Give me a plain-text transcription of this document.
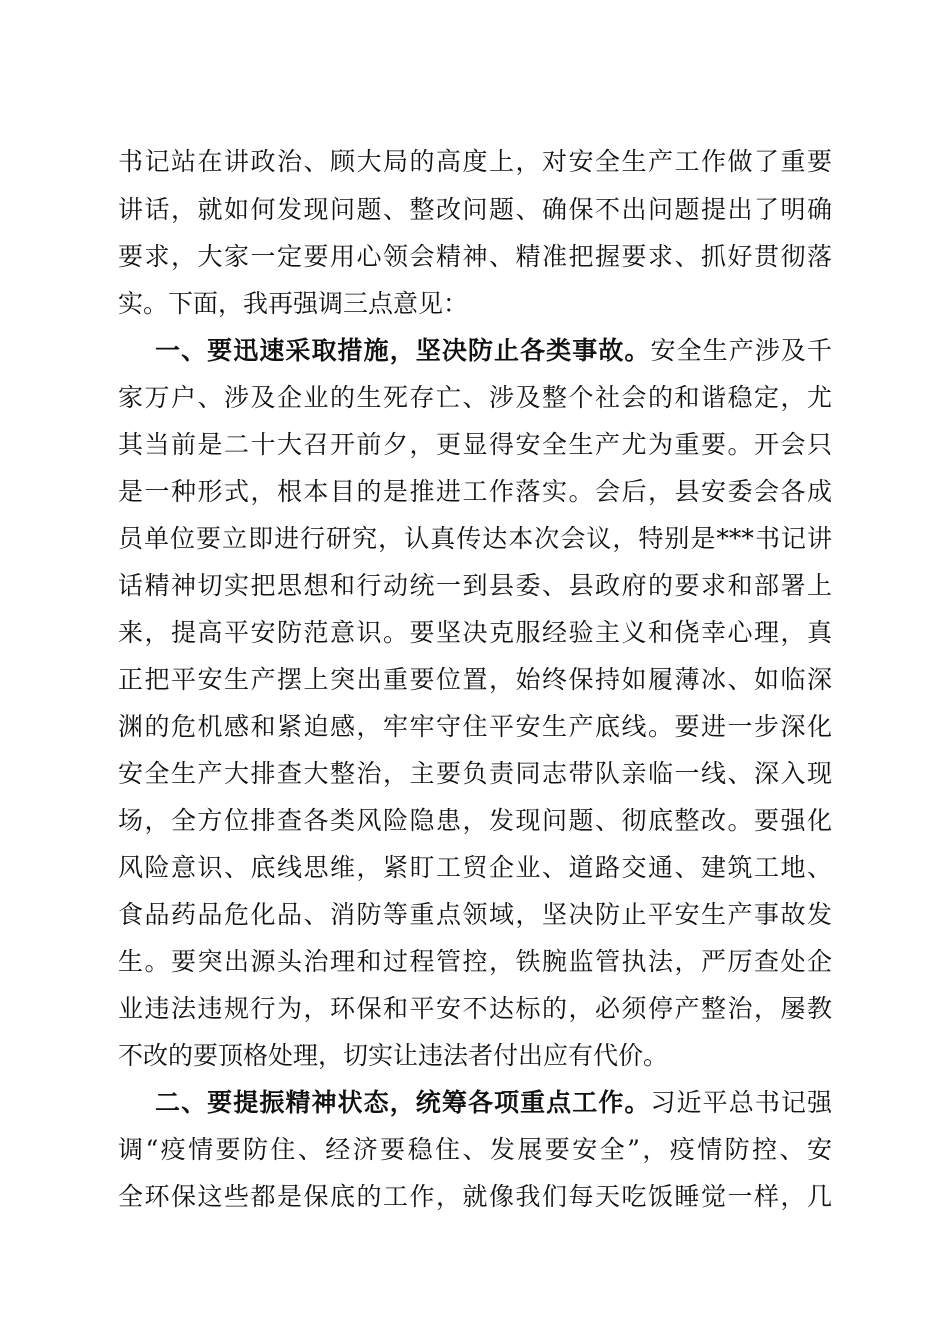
书记站在讲政治、顾大局的高度上，对安全生产工作做了重要
讲话，就如何发现问题、整改问题、确保不出问题提出了明确
要求，大家一定要用心领会精神、精准把握要求、抓好贯彻落
实。下面，我再强调三点意见：
一、要迅速采取措施，坚决防止各类事故。安全生产涉及千
家万户、涉及企业的生死存亡、涉及整个社会的和谐稳定，尤
其当前是二十大召开前夕，更显得安全生产尤为重要。开会只
是一种形式，根本目的是推进工作落实。会后，县安委会各成
员单位要立即进行研究，认真传达本次会议，特别是***书记讲
话精神切实把思想和行动统一到县委、县政府的要求和部署上
来，提高平安防范意识。要坚决克服经验主义和侥幸心理，真
正把平安生产摆上突出重要位置，始终保持如履薄冰、如临深
渊的危机感和紧迫感，牢牢守住平安生产底线。要进一步深化
安全生产大排查大整治，主要负责同志带队亲临一线、深入现
场，全方位排查各类风险隐患，发现问题、彻底整改。要强化
风险意识、底线思维，紧盯工贸企业、道路交通、建筑工地、
食品药品危化品、消防等重点领域，坚决防止平安生产事故发
生。要突出源头治理和过程管控，铁腕监管执法，严厉查处企
业违法违规行为，环保和平安不达标的，必须停产整治，屡教
不改的要顶格处理，切实让违法者付出应有代价。
二、要提振精神状态，统筹各项重点工作。习近平总书记强
调“疫情要防住、经济要稳住、发展要安全”，疫情防控、安
全环保这些都是保底的工作，就像我们每天吃饭睡觉一样，几
